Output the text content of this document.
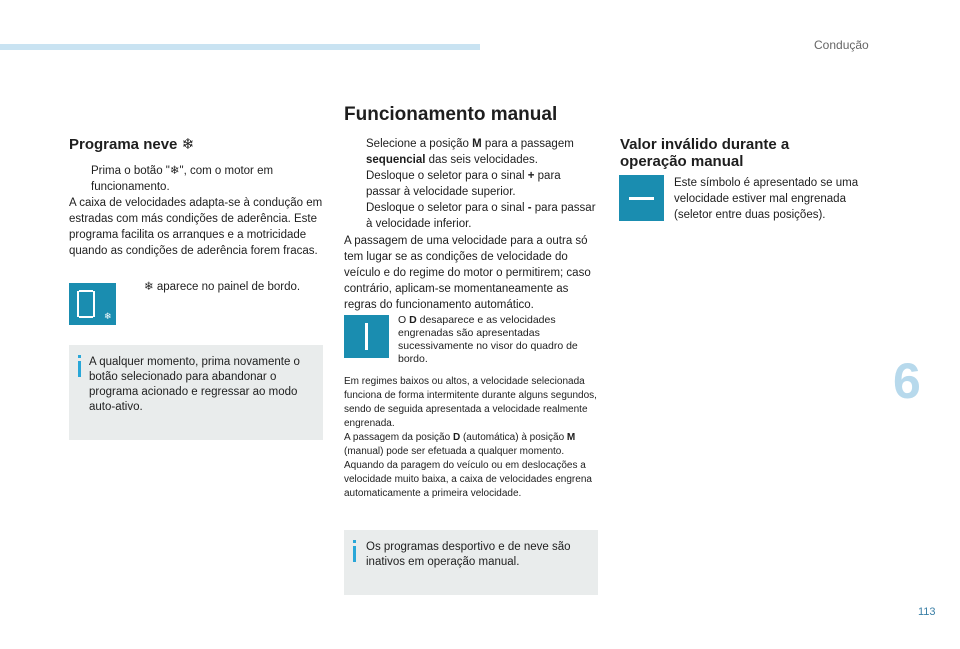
Condução
6
113
Programa neve ❄
Prima o botão "❄", com o motor em funcionamento.

A caixa de velocidades adapta-se à condução em estradas com más condições de aderência. Este programa facilita os arranques e a motricidade quando as condições de aderência forem fracas.

❄
❄ aparece no painel de bordo.
A qualquer momento, prima novamente o botão selecionado para abandonar o programa acionado e regressar ao modo auto-ativo.
Funcionamento manual
Selecione a posição M para a passagem sequencial das seis velocidades.
Desloque o seletor para o sinal + para passar à velocidade superior.
Desloque o seletor para o sinal - para passar à velocidade inferior.

A passagem de uma velocidade para a outra só tem lugar se as condições de velocidade do veículo e do regime do motor o permitirem; caso contrário, aplicam-se momentaneamente as regras do funcionamento automático.

O D desaparece e as velocidades engrenadas são apresentadas sucessivamente no visor do quadro de bordo.

Em regimes baixos ou altos, a velocidade selecionada funciona de forma intermitente durante alguns segundos, sendo de seguida apresentada a velocidade realmente engrenada.

A passagem da posição D (automática) à posição M (manual) pode ser efetuada a qualquer momento.

Aquando da paragem do veículo ou em deslocações a velocidade muito baixa, a caixa de velocidades engrena automaticamente a primeira velocidade.

Os programas desportivo e de neve são inativos em operação manual.
Valor inválido durante a operação manual
Este símbolo é apresentado se uma velocidade estiver mal engrenada (seletor entre duas posições).
